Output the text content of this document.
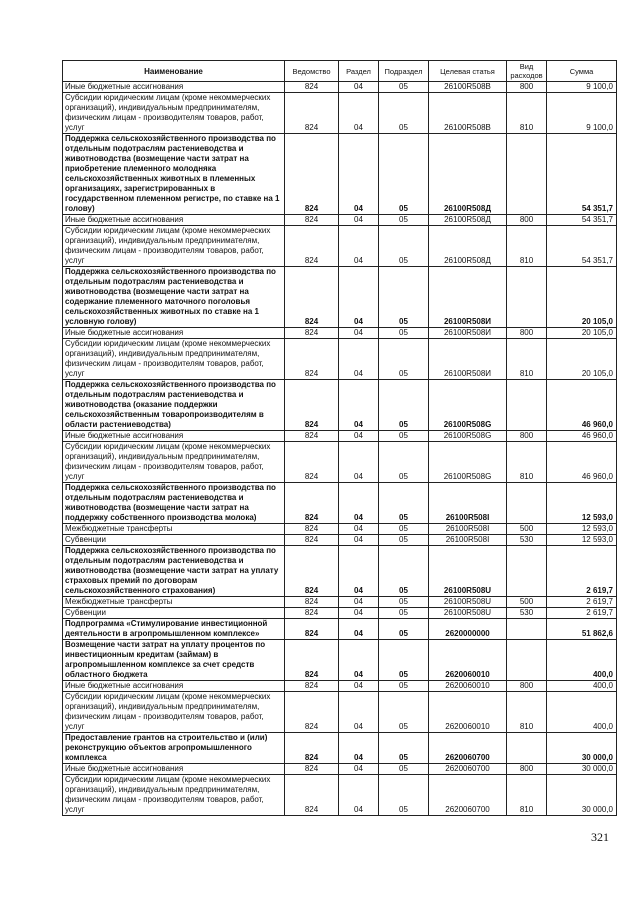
Наименование	Ведомство	Раздел	Подраздел	Целевая статья	Вид расходов	Сумма
Иные бюджетные ассигнования	824	04	05	26100R508В	800	9 100,0
Субсидии юридическим лицам (кроме некоммерческих организаций), индивидуальным предпринимателям, физическим лицам - производителям товаров, работ, услуг	824	04	05	26100R508В	810	9 100,0
Поддержка сельскохозяйственного производства по отдельным подотраслям растениеводства и животноводства (возмещение части затрат на приобретение племенного молодняка сельскохозяйственных животных в племенных организациях, зарегистрированных в государственном племенном регистре, по ставке на 1 голову)	824	04	05	26100R508Д		54 351,7
Иные бюджетные ассигнования	824	04	05	26100R508Д	800	54 351,7
Субсидии юридическим лицам (кроме некоммерческих организаций), индивидуальным предпринимателям, физическим лицам - производителям товаров, работ, услуг	824	04	05	26100R508Д	810	54 351,7
Поддержка сельскохозяйственного производства по отдельным подотраслям растениеводства и животноводства (возмещение части затрат на содержание племенного маточного поголовья сельскохозяйственных животных по ставке на 1 условную голову)	824	04	05	26100R508И		20 105,0
Иные бюджетные ассигнования	824	04	05	26100R508И	800	20 105,0
Субсидии юридическим лицам (кроме некоммерческих организаций), индивидуальным предпринимателям, физическим лицам - производителям товаров, работ, услуг	824	04	05	26100R508И	810	20 105,0
Поддержка сельскохозяйственного производства по отдельным подотраслям растениеводства и животноводства (оказание поддержки сельскохозяйственным товаропроизводителям в области растениеводства)	824	04	05	26100R508G		46 960,0
Иные бюджетные ассигнования	824	04	05	26100R508G	800	46 960,0
Субсидии юридическим лицам (кроме некоммерческих организаций), индивидуальным предпринимателям, физическим лицам - производителям товаров, работ, услуг	824	04	05	26100R508G	810	46 960,0
Поддержка сельскохозяйственного производства по отдельным подотраслям растениеводства и животноводства (возмещение части затрат на поддержку собственного производства молока)	824	04	05	26100R508I		12 593,0
Межбюджетные трансферты	824	04	05	26100R508I	500	12 593,0
Субвенции	824	04	05	26100R508I	530	12 593,0
Поддержка сельскохозяйственного производства по отдельным подотраслям растениеводства и животноводства (возмещение части затрат на уплату страховых премий по договорам сельскохозяйственного страхования)	824	04	05	26100R508U		2 619,7
Межбюджетные трансферты	824	04	05	26100R508U	500	2 619,7
Субвенции	824	04	05	26100R508U	530	2 619,7
Подпрограмма «Стимулирование инвестиционной деятельности в агропромышленном комплексе»	824	04	05	2620000000		51 862,6
Возмещение части затрат на уплату процентов по инвестиционным кредитам (займам) в агропромышленном комплексе за счет средств областного бюджета	824	04	05	2620060010		400,0
Иные бюджетные ассигнования	824	04	05	2620060010	800	400,0
Субсидии юридическим лицам (кроме некоммерческих организаций), индивидуальным предпринимателям, физическим лицам - производителям товаров, работ, услуг	824	04	05	2620060010	810	400,0
Предоставление грантов на строительство и (или) реконструкцию объектов агропромышленного комплекса	824	04	05	2620060700		30 000,0
Иные бюджетные ассигнования	824	04	05	2620060700	800	30 000,0
Субсидии юридическим лицам (кроме некоммерческих организаций), индивидуальным предпринимателям, физическим лицам - производителям товаров, работ, услуг	824	04	05	2620060700	810	30 000,0
321
